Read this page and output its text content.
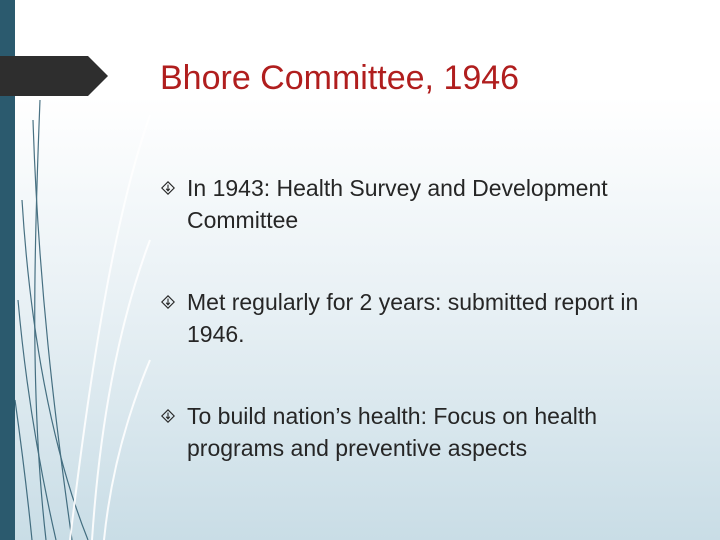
Bhore Committee, 1946
In 1943: Health Survey and Development Committee
Met regularly for 2 years: submitted report in 1946.
To build nation’s health: Focus on health programs and preventive aspects
